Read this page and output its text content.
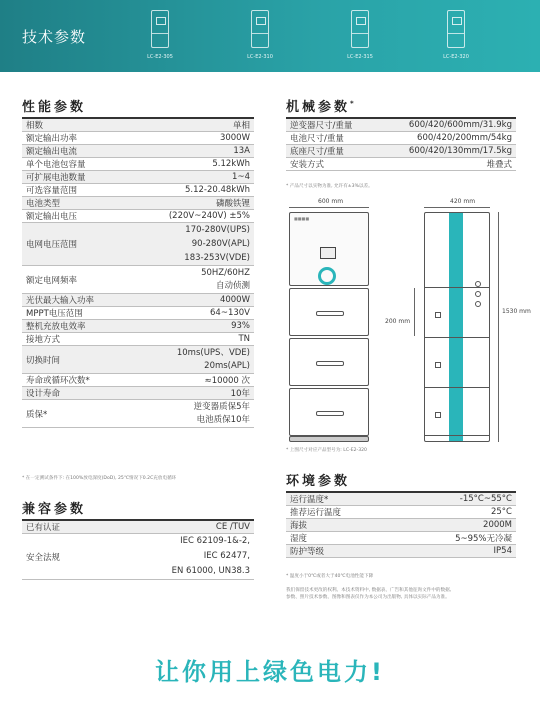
技术参数
LC-E2-305	LC-E2-310	LC-E2-315	LC-E2-320
性能参数
相数	单相
额定输出功率	3000W
额定输出电流	13A
单个电池包容量	5.12kWh
可扩展电池数量	1~4
可选容量范围	5.12-20.48kWh
电池类型	磷酸铁锂
额定输出电压	(220V~240V) ±5%
电网电压范围	170-280V(UPS)
90-280V(APL)
183-253V(VDE)

额定电网频率	50HZ/60HZ
自动侦测

光伏最大输入功率	4000W
MPPT电压范围	64~130V
整机充放电效率	93%
接地方式	TN
切换时间	10ms(UPS、VDE)
20ms(APL)

寿命或循环次数*	≈10000 次
设计寿命	10年
质保*	逆变器质保5年
电池质保10年
* 在一定测试条件下: 在100%放电深度(DoD), 25℃情况下0.2C充放电循环
兼容参数
已有认证	CE /TUV
安全法规	IEC 62109-1&-2,
IEC 62477,
EN 61000, UN38.3
机械参数*
逆变器尺寸/重量	600/420/600mm/31.9kg
电池尺寸/重量	600/420/200mm/54kg
底座尺寸/重量	600/420/130mm/17.5kg
安装方式	堆叠式
* 产品尺寸以实物为准, 允许有±3%以差。
600 mm
■■■■
200 mm
420 mm
1530 mm
* 上图尺寸对应产品型号为: LC-E2-320
环境参数
运行温度*	-15°C~55°C
推荐运行温度	25°C
海拔	2000M
湿度	5~95%无冷凝
防护等级	IP54
* 温度小于0℃或者大于40℃电池性能下降
我们保留技术更改的权利。本技术资料中, 数据表、广告和其他征询文件中的数据,
参数、照片技术参数、图像和图表仅作为本公司为出版物, 具体以实际产品为准。
让你用上绿色电力!
